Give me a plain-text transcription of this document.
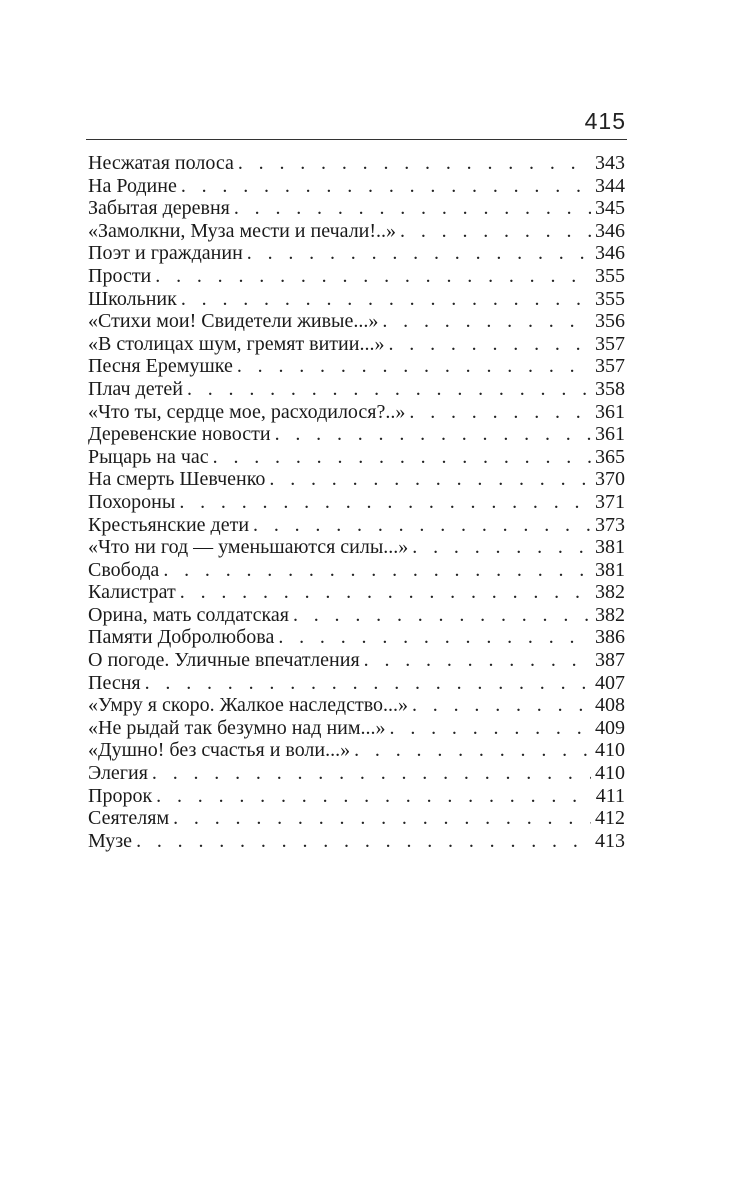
415
Несжатая полоса . . .	343
На Родине . . .	344
Забытая деревня . . .	345
«Замолкни, Муза мести и печали!..» . . .	346
Поэт и гражданин . . .	346
Прости . . .	355
Школьник . . .	355
«Стихи мои! Свидетели живые...» . . .	356
«В столицах шум, гремят витии...» . . .	357
Песня Еремушке . . .	357
Плач детей . . .	358
«Что ты, сердце мое, расходилося?..» . . .	361
Деревенские новости . . .	361
Рыцарь на час . . .	365
На смерть Шевченко . . .	370
Похороны . . .	371
Крестьянские дети . . .	373
«Что ни год — уменьшаются силы...» . . .	381
Свобода . . .	381
Калистрат . . .	382
Орина, мать солдатская . . .	382
Памяти Добролюбова . . .	386
О погоде. Уличные впечатления . . .	387
Песня . . .	407
«Умру я скоро. Жалкое наследство...» . . .	408
«Не рыдай так безумно над ним...» . . .	409
«Душно! без счастья и воли...» . . .	410
Элегия . . .	410
Пророк . . .	411
Сеятелям . . .	412
Музе . . .	413
